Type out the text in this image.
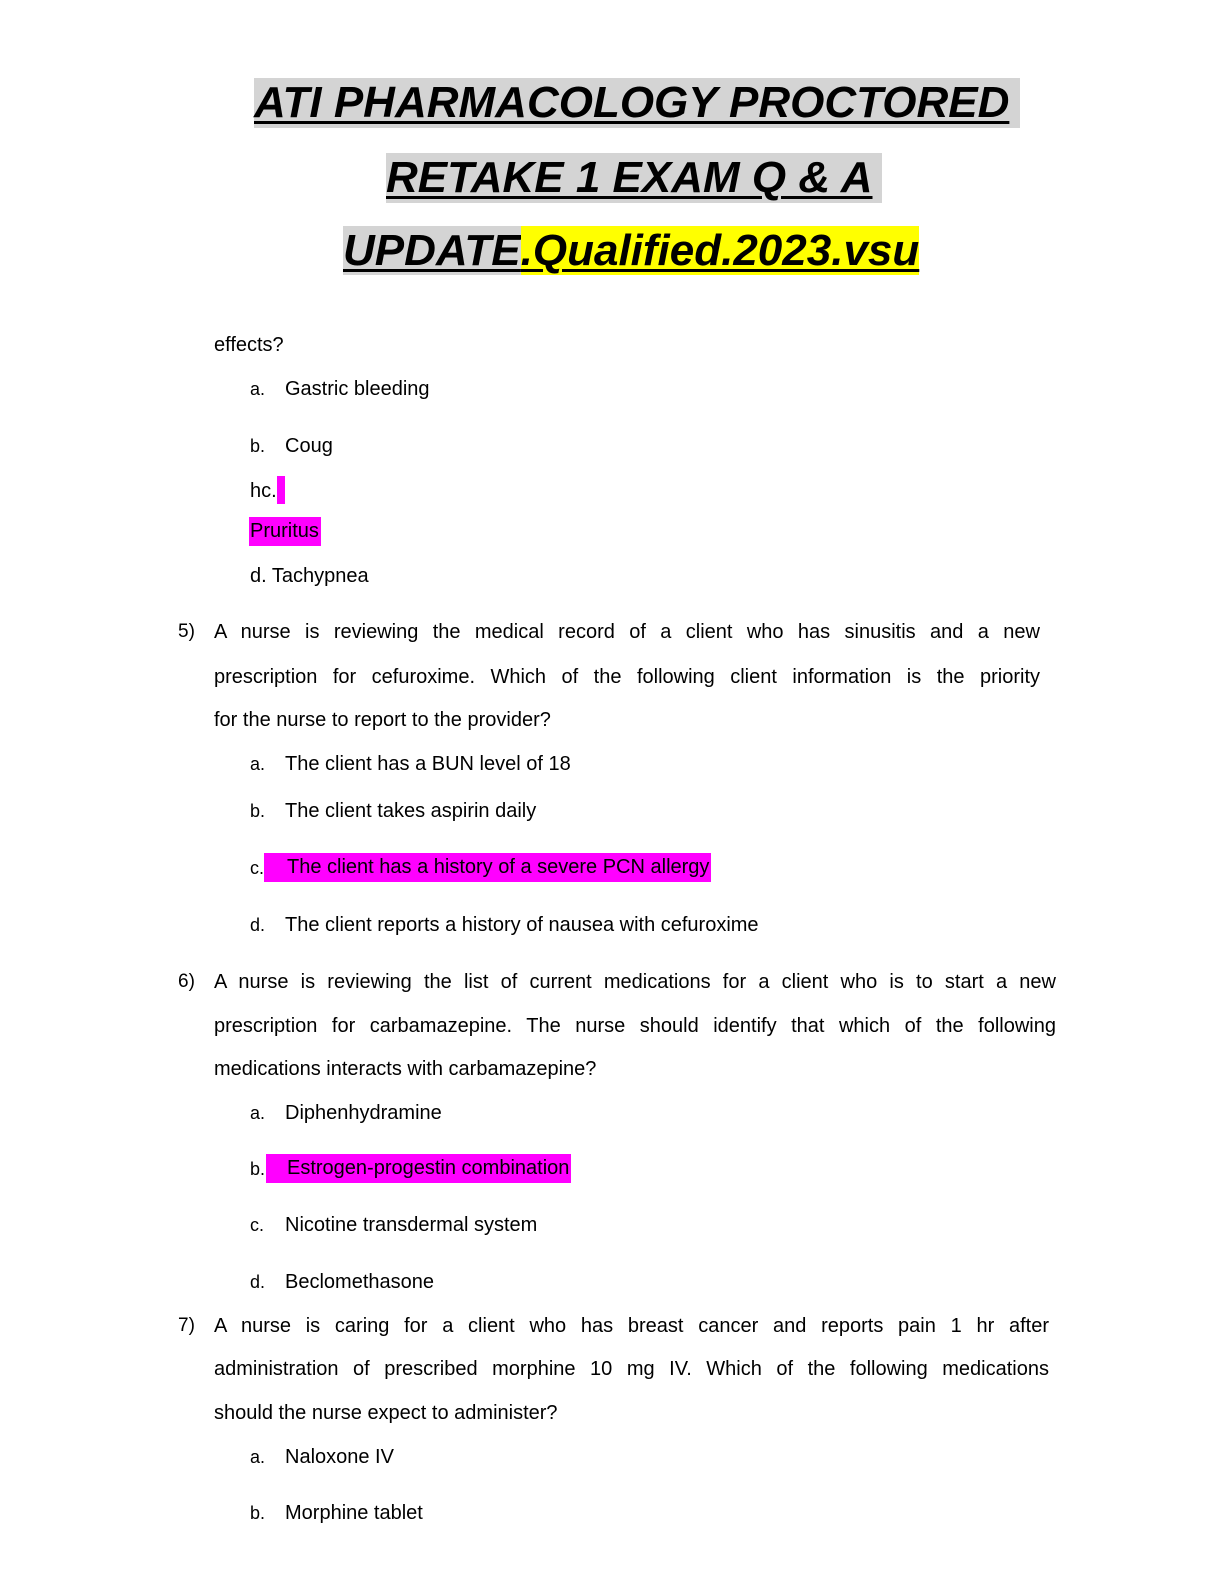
ATI PHARMACOLOGY PROCTORED
RETAKE 1 EXAM Q & A
UPDATE.Qualified.2023.vsu
effects?
a. Gastric bleeding
b. Coug
hc.
Pruritus
d. Tachypnea
5) A nurse is reviewing the medical record of a client who has sinusitis and a new
prescription for cefuroxime. Which of the following client information is the priority
for the nurse to report to the provider?
a. The client has a BUN level of 18
b. The client takes aspirin daily
c.	The client has a history of a severe PCN allergy
d. The client reports a history of nausea with cefuroxime
6) A nurse is reviewing the list of current medications for a client who is to start a new
prescription for carbamazepine. The nurse should identify that which of the following
medications interacts with carbamazepine?
a. Diphenhydramine
b.	Estrogen-progestin combination
c. Nicotine transdermal system
d. Beclomethasone
7) A nurse is caring for a client who has breast cancer and reports pain 1 hr after
administration of prescribed morphine 10 mg IV. Which of the following medications
should the nurse expect to administer?
a. Naloxone IV
b. Morphine tablet
